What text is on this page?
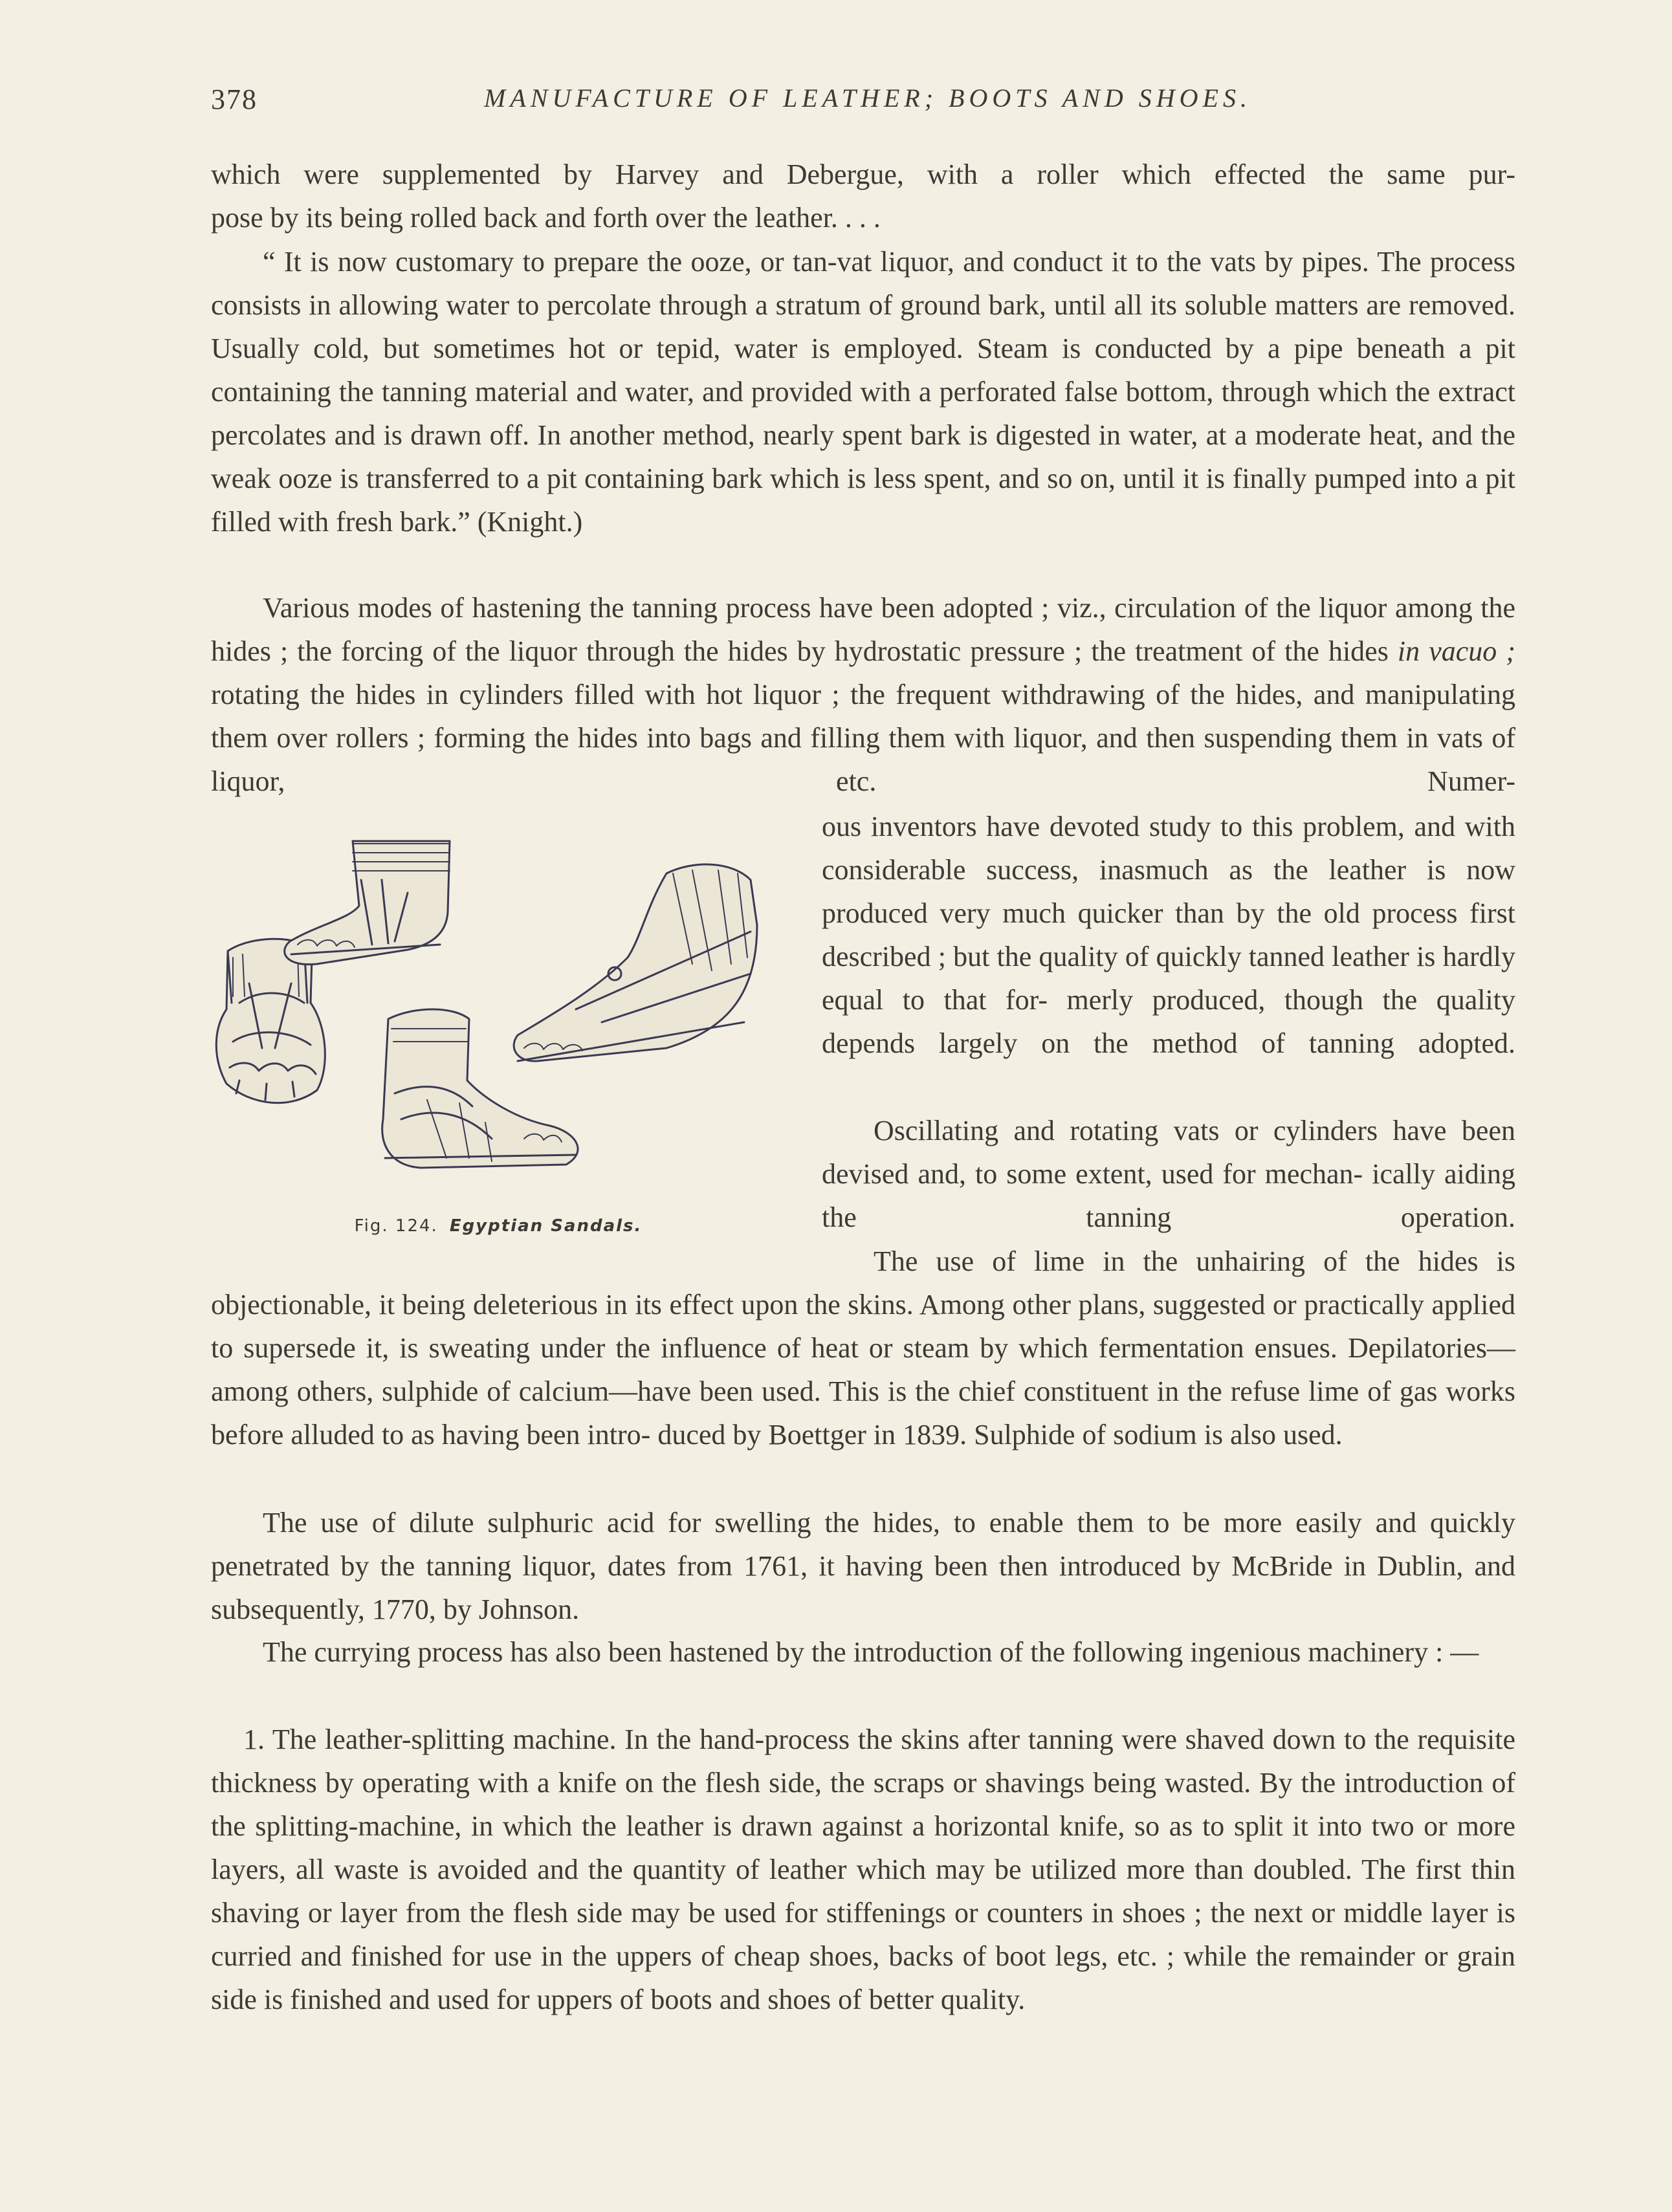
378	MANUFACTURE OF LEATHER; BOOTS AND SHOES.

which were supplemented by Harvey and Debergue, with a roller which effected the same pur-

pose by its being rolled back and forth over the leather. . . .

“ It is now customary to prepare the ooze, or tan-vat liquor, and conduct it to the vats by pipes. The process consists in allowing water to percolate through a stratum of ground bark, until all its soluble matters are removed. Usually cold, but sometimes hot or tepid, water is employed. Steam is conducted by a pipe beneath a pit containing the tanning material and water, and provided with a perforated false bottom, through which the extract percolates and is drawn off. In another method, nearly spent bark is digested in water, at a moderate heat, and the weak ooze is transferred to a pit containing bark which is less spent, and so on, until it is finally pumped into a pit filled with fresh bark.” (Knight.)

Various modes of hastening the tanning process have been adopted ; viz., circulation of the liquor among the hides ; the forcing of the liquor through the hides by hydrostatic pressure ; the treatment of the hides in vacuo ; rotating the hides in cylinders filled with hot liquor ; the frequent withdrawing of the hides, and manipulating them over rollers ; forming the hides into bags and filling them with liquor, and then suspending them in vats of liquor, etc. Numer-

ous inventors have devoted study to this problem, and with considerable success, inasmuch as the leather is now produced very much quicker than by the old process first described ; but the quality of quickly tanned leather is hardly equal to that for- merly produced, though the quality depends largely on the method of tanning adopted.

Oscillating and rotating vats or cylinders have been devised and, to some extent, used for mechan- ically aiding the tanning operation.

The use of lime in the unhairing of the hides is

objectionable, it being deleterious in its effect upon the skins. Among other plans, suggested or practically applied to supersede it, is sweating under the influence of heat or steam by which fermentation ensues. Depilatories—among others, sulphide of calcium—have been used. This is the chief constituent in the refuse lime of gas works before alluded to as having been intro- duced by Boettger in 1839. Sulphide of sodium is also used.

The use of dilute sulphuric acid for swelling the hides, to enable them to be more easily and quickly penetrated by the tanning liquor, dates from 1761, it having been then introduced by McBride in Dublin, and subsequently, 1770, by Johnson.

The currying process has also been hastened by the introduction of the following ingenious machinery : —

1. The leather-splitting machine. In the hand-process the skins after tanning were shaved down to the requisite thickness by operating with a knife on the flesh side, the scraps or shavings being wasted. By the introduction of the splitting-machine, in which the leather is drawn against a horizontal knife, so as to split it into two or more layers, all waste is avoided and the quantity of leather which may be utilized more than doubled. The first thin shaving or layer from the flesh side may be used for stiffenings or counters in shoes ; the next or middle layer is curried and finished for use in the uppers of cheap shoes, backs of boot legs, etc. ; while the remainder or grain side is finished and used for uppers of boots and shoes of better quality.

Fig. 124. Egyptian Sandals.
